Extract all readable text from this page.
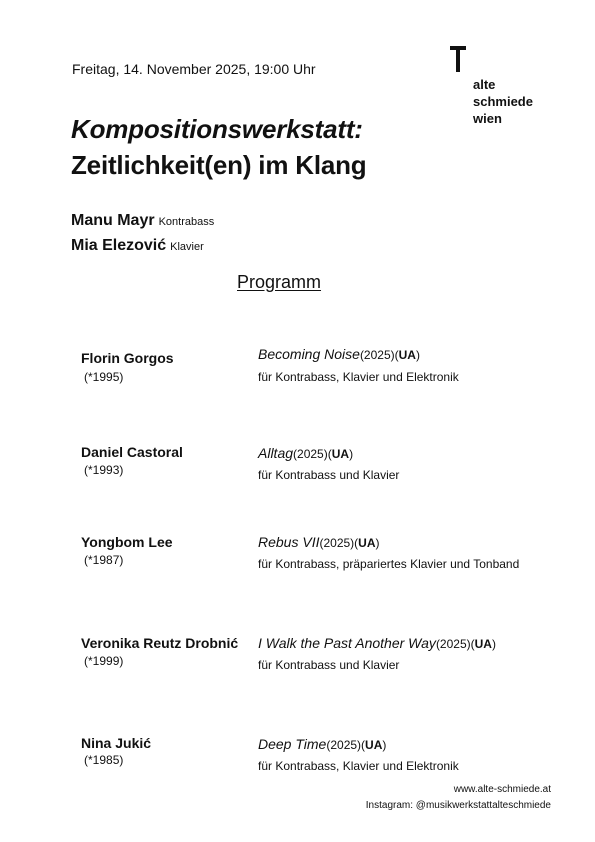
Freitag, 14. November 2025, 19:00 Uhr
alte
schmiede
wien
Kompositionswerkstatt:
Zeitlichkeit(en) im Klang
Manu Mayr Kontrabass
Mia Elezović Klavier
Programm
Florin Gorgos
(*1995)
Becoming Noise(2025)(UA)
für Kontrabass, Klavier und Elektronik
Daniel Castoral
(*1993)
Alltag(2025)(UA)
für Kontrabass und Klavier
Yongbom Lee
(*1987)
Rebus VII(2025)(UA)
für Kontrabass, präpariertes Klavier und Tonband
Veronika Reutz Drobnić
(*1999)
I Walk the Past Another Way(2025)(UA)
für Kontrabass und Klavier
Nina Jukić
(*1985)
Deep Time(2025)(UA)
für Kontrabass, Klavier und Elektronik
www.alte-schmiede.at
Instagram: @musikwerkstattalteschmiede
